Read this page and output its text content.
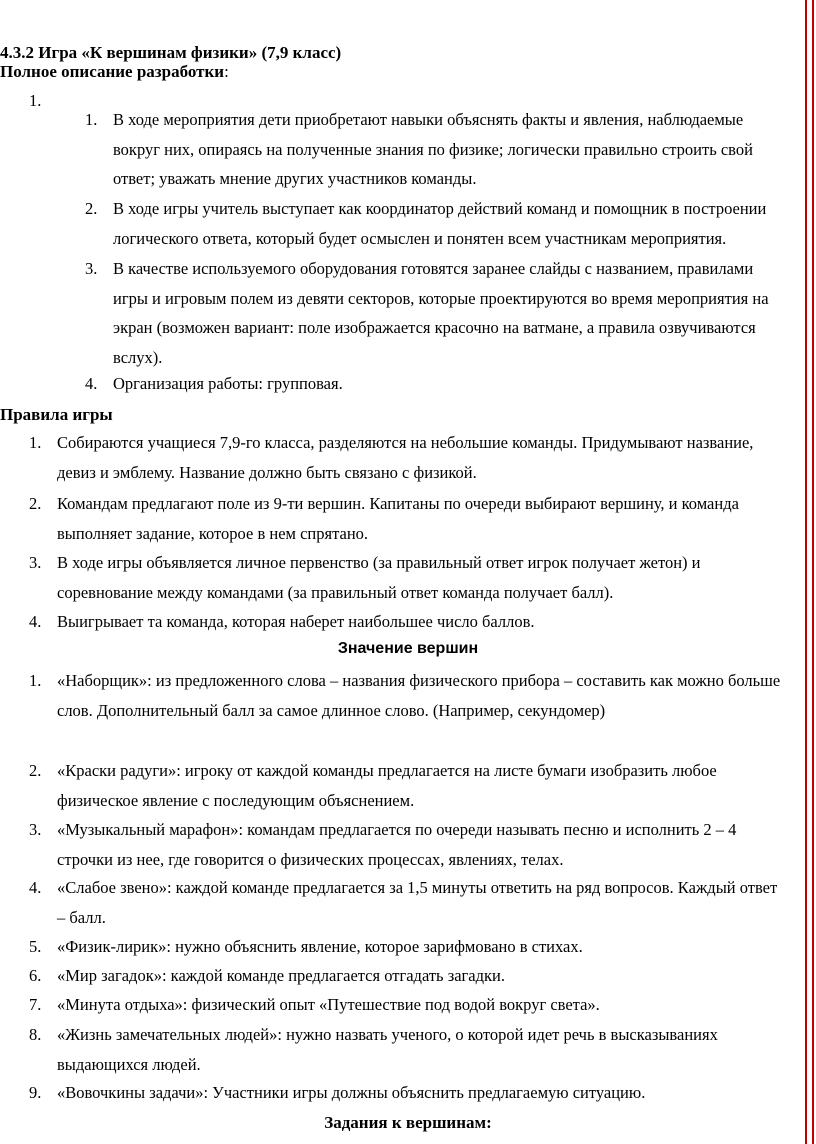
4.3.2 Игра «К вершинам физики» (7,9 класс)
Полное описание разработки:
1.
1. В ходе мероприятия дети приобретают навыки объяснять факты и явления, наблюдаемые
вокруг них, опираясь на полученные знания по физике; логически правильно строить свой
ответ; уважать мнение других участников команды.
2. В ходе игры учитель выступает как координатор действий команд и помощник в построении
логического ответа, который будет осмыслен и понятен всем участникам мероприятия.
3. В качестве используемого оборудования готовятся заранее слайды с названием, правилами
игры и игровым полем из девяти секторов, которые проектируются во время мероприятия на
экран (возможен вариант: поле изображается красочно на ватмане, а правила озвучиваются
вслух).
4. Организация работы: групповая.
Правила игры
1. Собираются учащиеся 7,9-го класса, разделяются на небольшие команды. Придумывают название,
девиз и эмблему. Название должно быть связано с физикой.
2. Командам предлагают поле из 9-ти вершин. Капитаны по очереди выбирают вершину, и команда
выполняет задание, которое в нем спрятано.
3. В ходе игры объявляется личное первенство (за правильный ответ игрок получает жетон) и
соревнование между командами (за правильный ответ команда получает балл).
4. Выигрывает та команда, которая наберет наибольшее число баллов.
Значение вершин
1. «Наборщик»: из предложенного слова – названия физического прибора – составить как можно больше
слов. Дополнительный балл за самое длинное слово. (Например, секундомер)
2. «Краски радуги»: игроку от каждой команды предлагается на листе бумаги изобразить любое
физическое явление с последующим объяснением.
3. «Музыкальный марафон»: командам предлагается по очереди называть песню и исполнить 2 – 4
строчки из нее, где говорится о физических процессах, явлениях, телах.
4. «Слабое звено»: каждой команде предлагается за 1,5 минуты ответить на ряд вопросов. Каждый ответ
– балл.
5. «Физик-лирик»: нужно объяснить явление, которое зарифмовано в стихах.
6. «Мир загадок»: каждой команде предлагается отгадать загадки.
7. «Минута отдыха»: физический опыт «Путешествие под водой вокруг света».
8. «Жизнь замечательных людей»: нужно назвать ученого, о которой идет речь в высказываниях
выдающихся людей.
9. «Вовочкины задачи»: Участники игры должны объяснить предлагаемую ситуацию.
Задания к вершинам:
